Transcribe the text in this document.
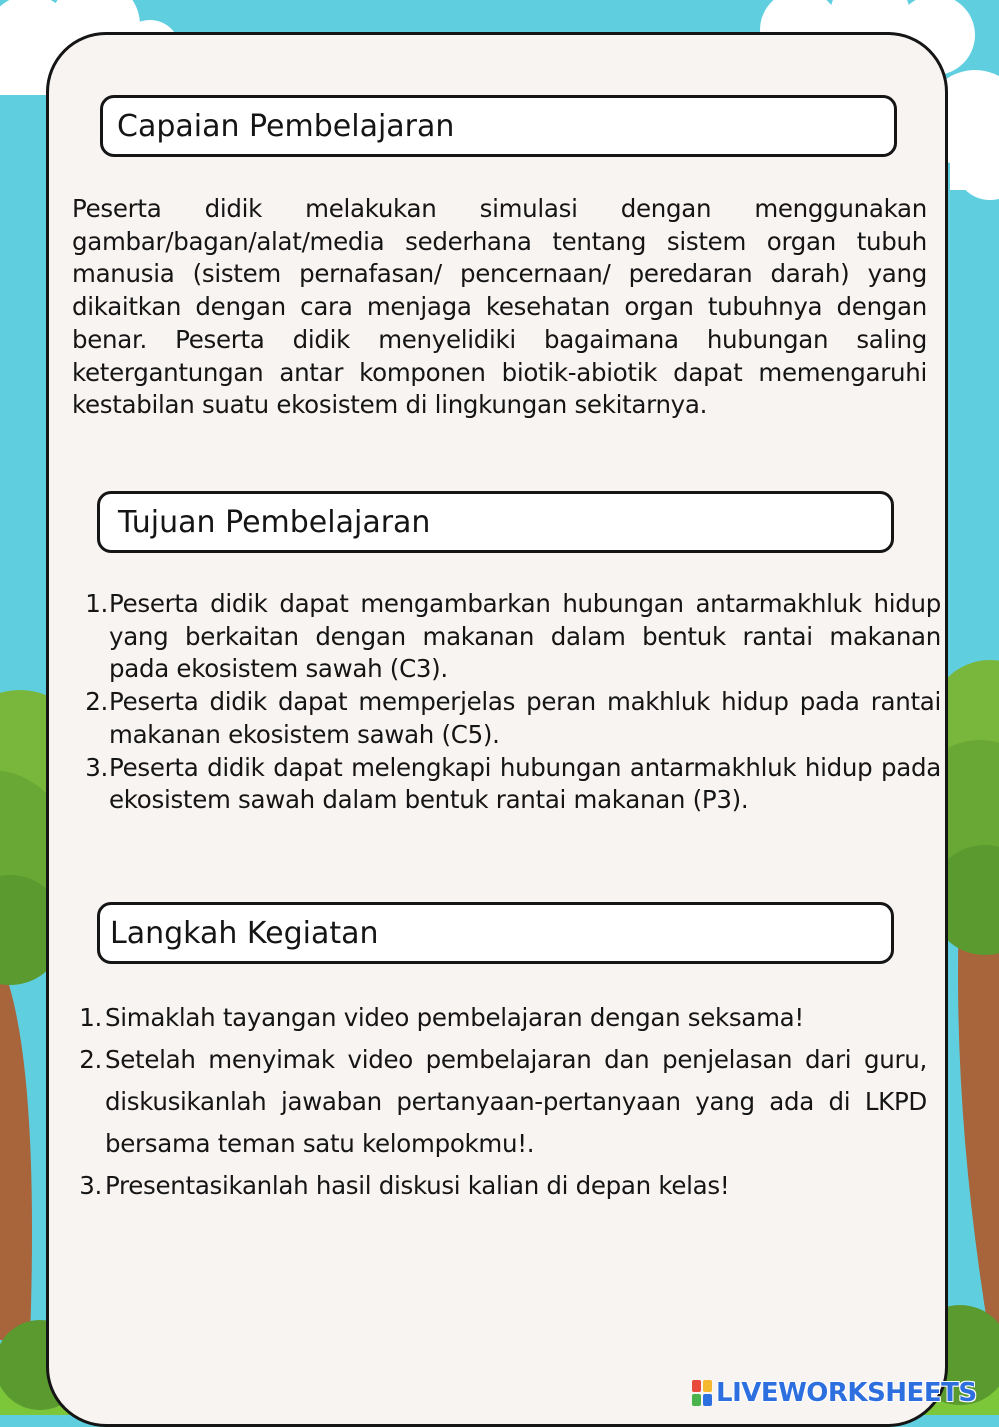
Capaian Pembelajaran

Peserta didik melakukan simulasi dengan menggunakan gambar/bagan/alat/media sederhana tentang sistem organ tubuh manusia (sistem pernafasan/ pencernaan/ peredaran darah) yang dikaitkan dengan cara menjaga kesehatan organ tubuhnya dengan benar. Peserta didik menyelidiki bagaimana hubungan saling ketergantungan antar komponen biotik-abiotik dapat memengaruhi kestabilan suatu ekosistem di lingkungan sekitarnya.

Tujuan Pembelajaran
1. Peserta didik dapat mengambarkan hubungan antarmakhluk hidup yang berkaitan dengan makanan dalam bentuk rantai makanan pada ekosistem sawah (C3).
2. Peserta didik dapat memperjelas peran makhluk hidup pada rantai makanan ekosistem sawah (C5).
3. Peserta didik dapat melengkapi hubungan antarmakhluk hidup pada ekosistem sawah dalam bentuk rantai makanan (P3).
Langkah Kegiatan
1. Simaklah tayangan video pembelajaran dengan seksama!
2. Setelah menyimak video pembelajaran dan penjelasan dari guru, diskusikanlah jawaban pertanyaan-pertanyaan yang ada di LKPD bersama teman satu kelompokmu!.
3. Presentasikanlah hasil diskusi kalian di depan kelas!
LIVEWORKSHEETS
